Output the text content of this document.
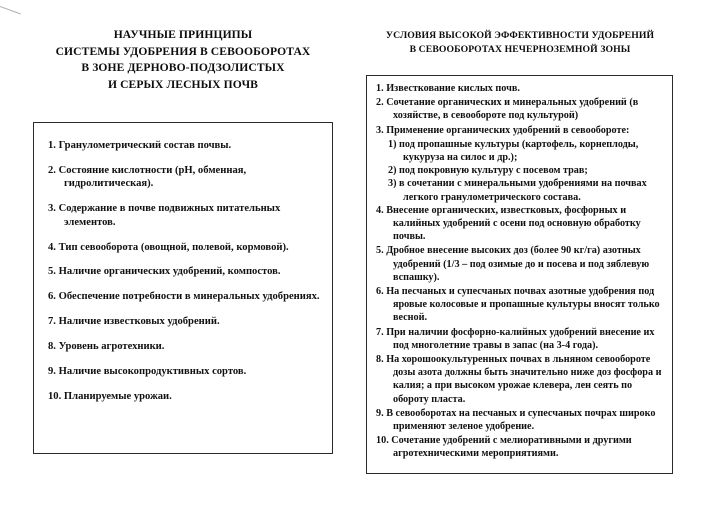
НАУЧНЫЕ ПРИНЦИПЫ
СИСТЕМЫ УДОБРЕНИЯ В СЕВООБОРОТАХ
В ЗОНЕ ДЕРНОВО-ПОДЗОЛИСТЫХ
И СЕРЫХ ЛЕСНЫХ ПОЧВ
1. Гранулометрический состав почвы.
2. Состояние кислотности (pH, обменная, гидролитическая).
3. Содержание в почве подвижных питательных элементов.
4. Тип севооборота (овощной, полевой, кормовой).
5. Наличие органических удобрений, компостов.
6. Обеспечение потребности в минеральных удобрениях.
7. Наличие известковых удобрений.
8. Уровень агротехники.
9. Наличие высокопродуктивных сортов.
10. Планируемые урожаи.
УСЛОВИЯ ВЫСОКОЙ ЭФФЕКТИВНОСТИ УДОБРЕНИЙ
В СЕВООБОРОТАХ НЕЧЕРНОЗЕМНОЙ ЗОНЫ
1. Известкование кислых почв.
2. Сочетание органических и минеральных удобрений (в хозяйстве, в севообороте под культурой)
3. Применение органических удобрений в севообороте:
1) под пропашные культуры (картофель, корнеплоды, кукуруза на силос и др.);
2) под покровную культуру с посевом трав;
3) в сочетании с минеральными удобрениями на почвах легкого гранулометрического состава.
4. Внесение органических, известковых, фосфорных и калийных удобрений с осени под основную обработку почвы.
5. Дробное внесение высоких доз (более 90 кг/га) азотных удобрений (1/3 – под озимые до и посева и под зяблевую вспашку).
6. На песчаных и супесчаных почвах азотные удобрения под яровые колосовые и пропашные культуры вносят только весной.
7. При наличии фосфорно-калийных удобрений внесение их под многолетние травы в запас (на 3-4 года).
8. На хорошоокультуренных почвах в льняном севообороте дозы азота должны быть значительно ниже доз фосфора и калия; а при высоком урожае клевера, лен сеять по обороту пласта.
9. В севооборотах на песчаных и супесчаных почрах широко применяют зеленое удобрение.
10. Сочетание удобрений с мелиоративными и другими агротехническими мероприятиями.
